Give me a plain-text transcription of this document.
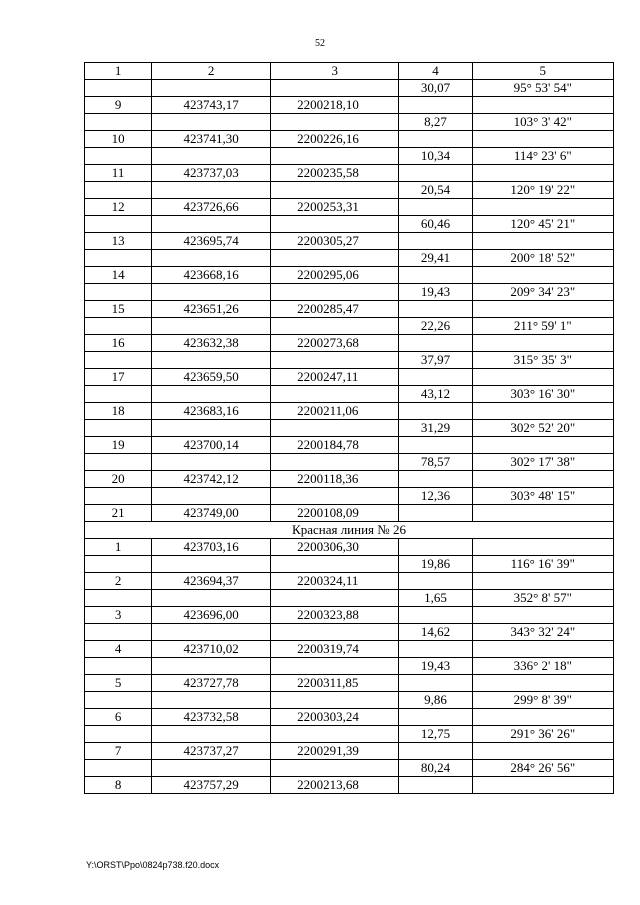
52
1	2	3	4	5
			30,07	95° 53' 54"
9	423743,17	2200218,10		
			8,27	103° 3' 42"
10	423741,30	2200226,16		
			10,34	114° 23' 6"
11	423737,03	2200235,58		
			20,54	120° 19' 22"
12	423726,66	2200253,31		
			60,46	120° 45' 21"
13	423695,74	2200305,27		
			29,41	200° 18' 52"
14	423668,16	2200295,06		
			19,43	209° 34' 23"
15	423651,26	2200285,47		
			22,26	211° 59' 1"
16	423632,38	2200273,68		
			37,97	315° 35' 3"
17	423659,50	2200247,11		
			43,12	303° 16' 30"
18	423683,16	2200211,06		
			31,29	302° 52' 20"
19	423700,14	2200184,78		
			78,57	302° 17' 38"
20	423742,12	2200118,36		
			12,36	303° 48' 15"
21	423749,00	2200108,09		
Красная линия № 26				
1	423703,16	2200306,30		
			19,86	116° 16' 39"
2	423694,37	2200324,11		
			1,65	352° 8' 57"
3	423696,00	2200323,88		
			14,62	343° 32' 24"
4	423710,02	2200319,74		
			19,43	336° 2' 18"
5	423727,78	2200311,85		
			9,86	299° 8' 39"
6	423732,58	2200303,24		
			12,75	291° 36' 26"
7	423737,27	2200291,39		
			80,24	284° 26' 56"
8	423757,29	2200213,68		
Y:\ORST\Ppo\0824p738.f20.docx
